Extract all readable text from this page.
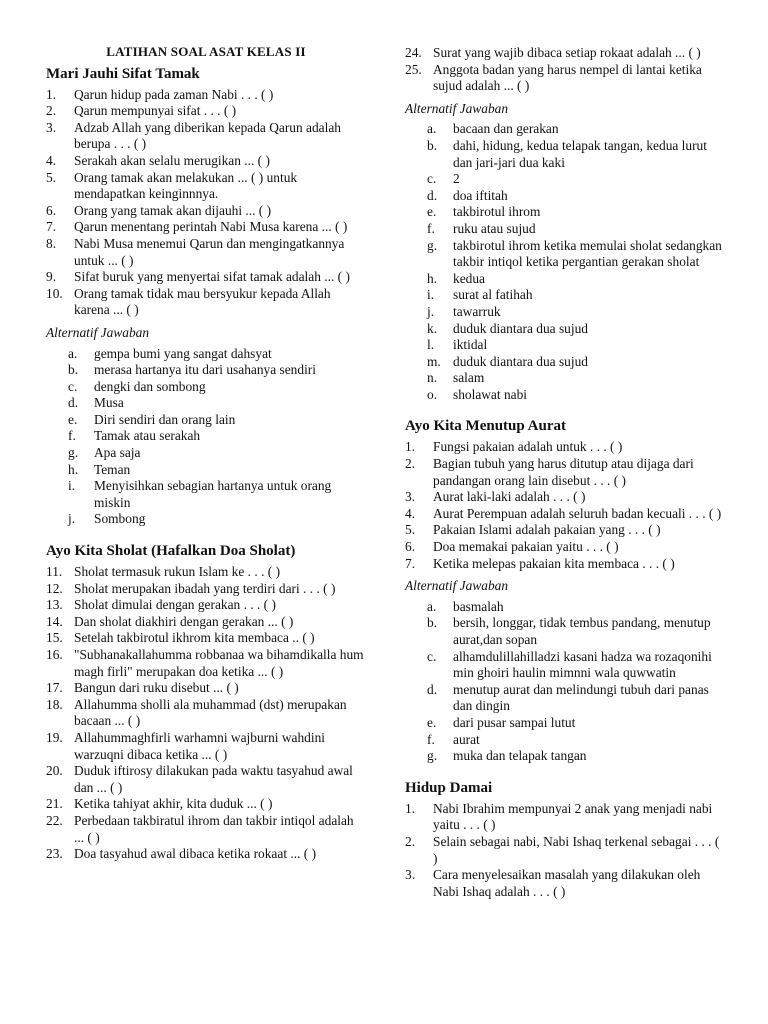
LATIHAN SOAL ASAT KELAS II
Mari Jauhi Sifat Tamak
1. Qarun hidup pada zaman Nabi . . . ( )
2. Qarun mempunyai sifat . . . ( )
3. Adzab Allah yang diberikan kepada Qarun adalah berupa . . . ( )
4. Serakah akan selalu merugikan ... ( )
5. Orang tamak akan melakukan ... ( ) untuk mendapatkan keinginnnya.
6. Orang yang tamak akan dijauhi ... ( )
7. Qarun menentang perintah Nabi Musa karena ... ( )
8. Nabi Musa menemui Qarun dan mengingatkannya untuk ... ( )
9. Sifat buruk yang menyertai sifat tamak adalah ... ( )
10. Orang tamak tidak mau bersyukur kepada Allah karena ... ( )
Alternatif Jawaban
a. gempa bumi yang sangat dahsyat
b. merasa hartanya itu dari usahanya sendiri
c. dengki dan sombong
d. Musa
e. Diri sendiri dan orang lain
f. Tamak atau serakah
g. Apa saja
h. Teman
i. Menyisihkan sebagian hartanya untuk orang miskin
j. Sombong
Ayo Kita Sholat (Hafalkan Doa Sholat)
11. Sholat termasuk rukun Islam ke . . . ( )
12. Sholat merupakan ibadah yang terdiri dari . . . ( )
13. Sholat dimulai dengan gerakan . . . ( )
14. Dan sholat diakhiri dengan gerakan ... ( )
15. Setelah takbirotul ikhrom kita membaca .. ( )
16. "Subhanakallahumma robbanaa wa bihamdikalla hum magh firli" merupakan doa ketika ... ( )
17. Bangun dari ruku disebut ... ( )
18. Allahumma sholli ala muhammad (dst) merupakan bacaan ... ( )
19. Allahummaghfirli warhamni wajburni wahdini warzuqni dibaca ketika ... ( )
20. Duduk iftirosy dilakukan pada waktu tasyahud awal dan ... ( )
21. Ketika tahiyat akhir, kita duduk ... ( )
22. Perbedaan takbiratul ihrom dan takbir intiqol adalah ... ( )
23. Doa tasyahud awal dibaca ketika rokaat ... ( )
24. Surat yang wajib dibaca setiap rokaat adalah ... ( )
25. Anggota badan yang harus nempel di lantai ketika sujud adalah ... ( )
Alternatif Jawaban
a. bacaan dan gerakan
b. dahi, hidung, kedua telapak tangan, kedua lurut dan jari-jari dua kaki
c. 2
d. doa iftitah
e. takbirotul ihrom
f. ruku atau sujud
g. takbirotul ihrom ketika memulai sholat sedangkan takbir intiqol ketika pergantian gerakan sholat
h. kedua
i. surat al fatihah
j. tawarruk
k. duduk diantara dua sujud
l. iktidal
m. duduk diantara dua sujud
n. salam
o. sholawat nabi
Ayo Kita Menutup Aurat
1. Fungsi pakaian adalah untuk . . . ( )
2. Bagian tubuh yang harus ditutup atau dijaga dari pandangan orang lain disebut . . . ( )
3. Aurat laki-laki adalah . . . ( )
4. Aurat Perempuan adalah seluruh badan kecuali . . . ( )
5. Pakaian Islami adalah pakaian yang . . . ( )
6. Doa memakai pakaian yaitu . . . ( )
7. Ketika melepas pakaian kita membaca . . . ( )
Alternatif Jawaban
a. basmalah
b. bersih, longgar, tidak tembus pandang, menutup aurat,dan sopan
c. alhamdulillahilladzi kasani hadza wa rozaqonihi min ghoiri haulin mimnni wala quwwatin
d. menutup aurat dan melindungi tubuh dari panas dan dingin
e. dari pusar sampai lutut
f. aurat
g. muka dan telapak tangan
Hidup Damai
1. Nabi Ibrahim mempunyai 2 anak yang menjadi nabi yaitu . . . ( )
2. Selain sebagai nabi, Nabi Ishaq terkenal sebagai . . . ( )
3. Cara menyelesaikan masalah yang dilakukan oleh Nabi Ishaq adalah . . . ( )
